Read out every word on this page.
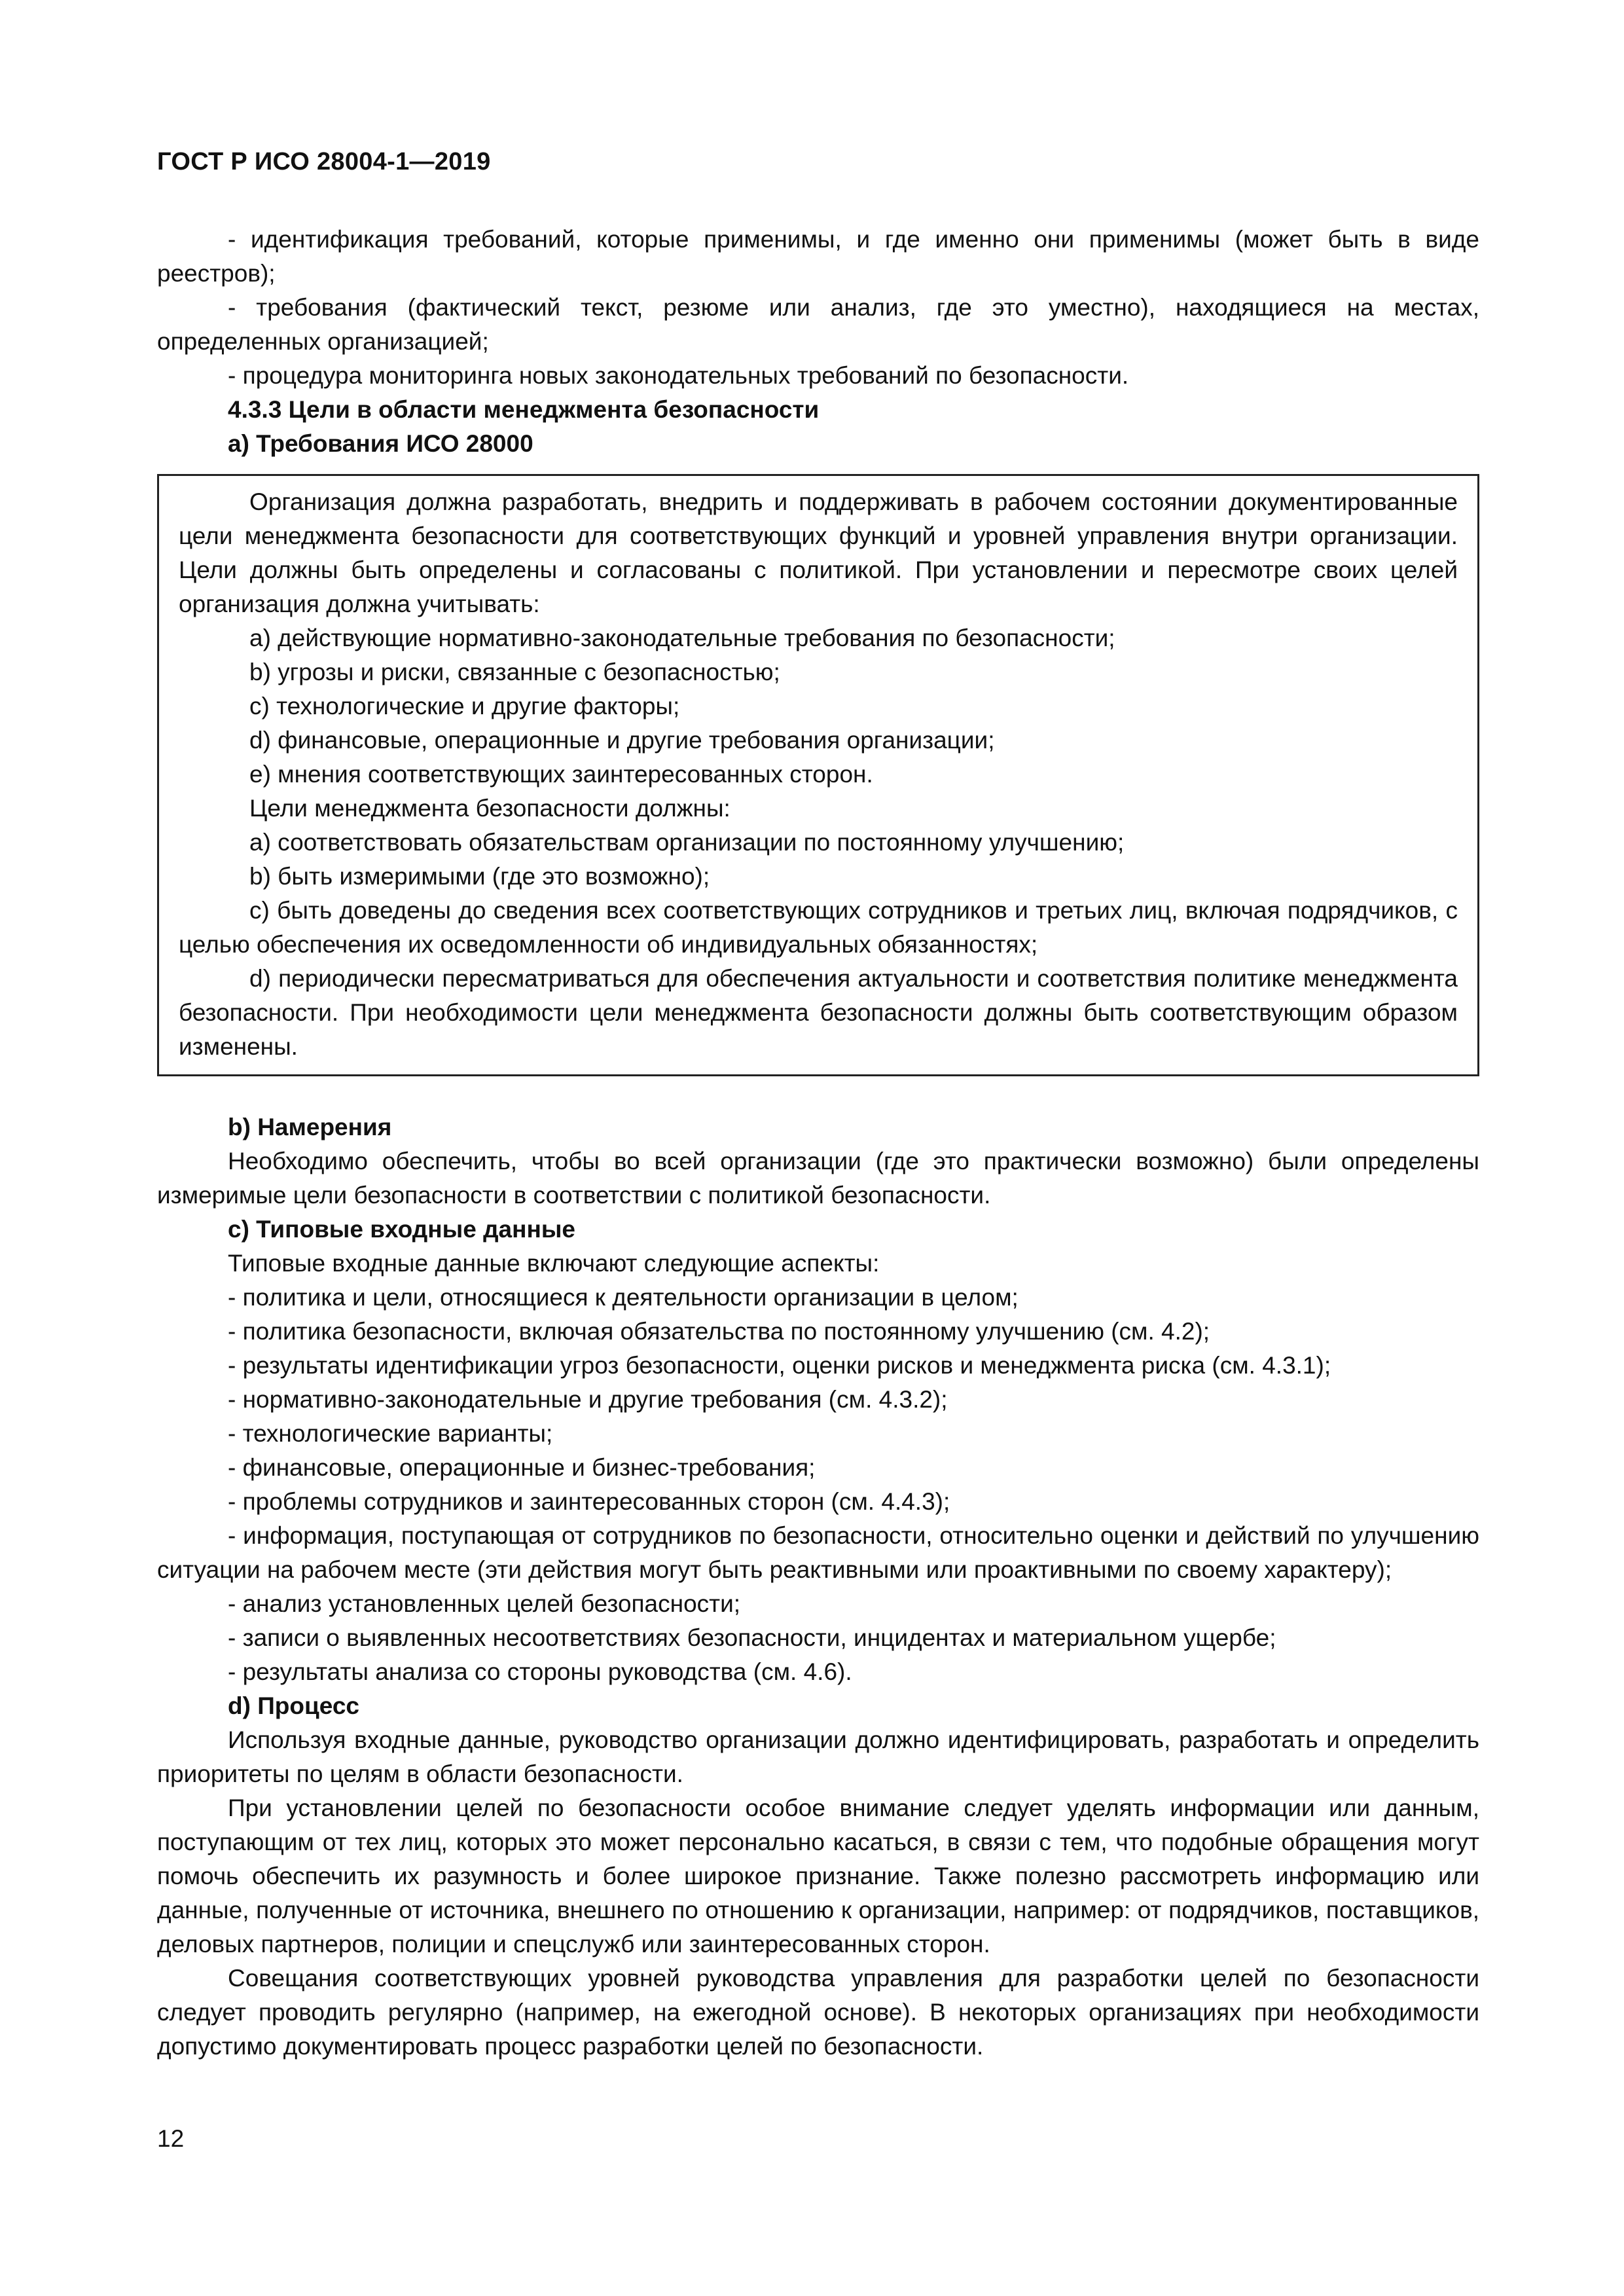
ГОСТ Р ИСО 28004-1—2019

- идентификация требований, которые применимы, и где именно они применимы (может быть в виде реестров);

- требования (фактический текст, резюме или анализ, где это уместно), находящиеся на местах, определенных организацией;

- процедура мониторинга новых законодательных требований по безопасности.

4.3.3 Цели в области менеджмента безопасности

а) Требования ИСО 28000

Организация должна разработать, внедрить и поддерживать в рабочем состоянии документированные цели менеджмента безопасности для соответствующих функций и уровней управления внутри организации. Цели должны быть определены и согласованы с политикой. При установлении и пересмотре своих целей организация должна учитывать:

a) действующие нормативно-законодательные требования по безопасности;

b) угрозы и риски, связанные с безопасностью;

c) технологические и другие факторы;

d) финансовые, операционные и другие требования организации;

e) мнения соответствующих заинтересованных сторон.

Цели менеджмента безопасности должны:

a) соответствовать обязательствам организации по постоянному улучшению;

b) быть измеримыми (где это возможно);

c) быть доведены до сведения всех соответствующих сотрудников и третьих лиц, включая подрядчиков, с целью обеспечения их осведомленности об индивидуальных обязанностях;

d) периодически пересматриваться для обеспечения актуальности и соответствия политике менеджмента безопасности. При необходимости цели менеджмента безопасности должны быть соответствующим образом изменены.

b) Намерения

Необходимо обеспечить, чтобы во всей организации (где это практически возможно) были определены измеримые цели безопасности в соответствии с политикой безопасности.

c) Типовые входные данные

Типовые входные данные включают следующие аспекты:

- политика и цели, относящиеся к деятельности организации в целом;

- политика безопасности, включая обязательства по постоянному улучшению (см. 4.2);

- результаты идентификации угроз безопасности, оценки рисков и менеджмента риска (см. 4.3.1);

- нормативно-законодательные и другие требования (см. 4.3.2);

- технологические варианты;

- финансовые, операционные и бизнес-требования;

- проблемы сотрудников и заинтересованных сторон (см. 4.4.3);

- информация, поступающая от сотрудников по безопасности, относительно оценки и действий по улучшению ситуации на рабочем месте (эти действия могут быть реактивными или проактивными по своему характеру);

- анализ установленных целей безопасности;

- записи о выявленных несоответствиях безопасности, инцидентах и материальном ущербе;

- результаты анализа со стороны руководства (см. 4.6).

d) Процесс

Используя входные данные, руководство организации должно идентифицировать, разработать и определить приоритеты по целям в области безопасности.

При установлении целей по безопасности особое внимание следует уделять информации или данным, поступающим от тех лиц, которых это может персонально касаться, в связи с тем, что подобные обращения могут помочь обеспечить их разумность и более широкое признание. Также полезно рассмотреть информацию или данные, полученные от источника, внешнего по отношению к организации, например: от подрядчиков, поставщиков, деловых партнеров, полиции и спецслужб или заинтересованных сторон.

Совещания соответствующих уровней руководства управления для разработки целей по безопасности следует проводить регулярно (например, на ежегодной основе). В некоторых организациях при необходимости допустимо документировать процесс разработки целей по безопасности.

12
